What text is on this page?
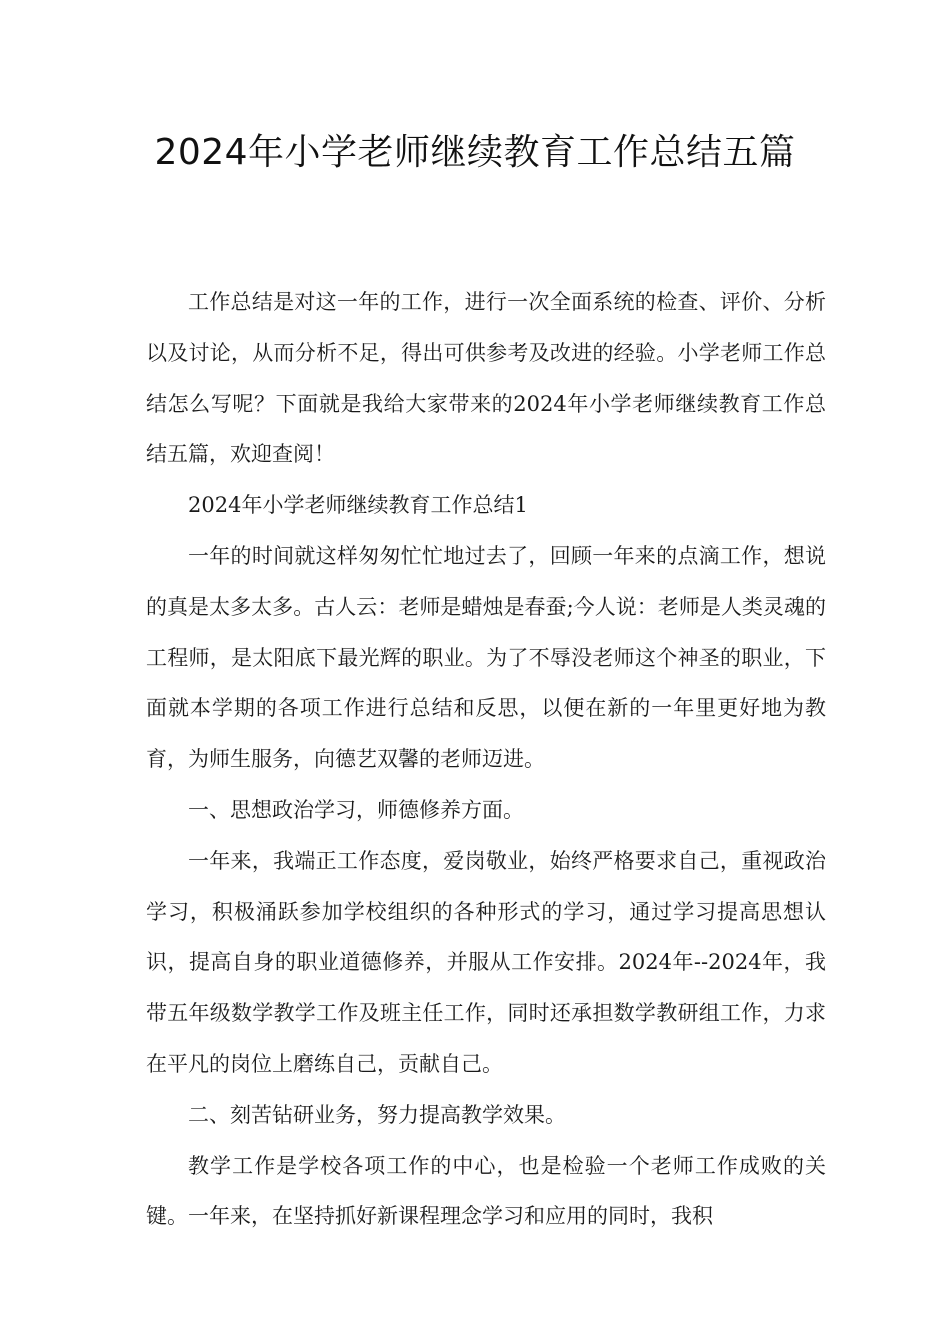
2024年小学老师继续教育工作总结五篇

工作总结是对这一年的工作，进行一次全面系统的检查、评价、分析以及讨论，从而分析不足，得出可供参考及改进的经验。小学老师工作总结怎么写呢？下面就是我给大家带来的2024年小学老师继续教育工作总结五篇，欢迎查阅！

2024年小学老师继续教育工作总结1

一年的时间就这样匆匆忙忙地过去了，回顾一年来的点滴工作，想说的真是太多太多。古人云：老师是蜡烛是春蚕;今人说：老师是人类灵魂的工程师，是太阳底下最光辉的职业。为了不辱没老师这个神圣的职业，下面就本学期的各项工作进行总结和反思，以便在新的一年里更好地为教育，为师生服务，向德艺双馨的老师迈进。

一、思想政治学习，师德修养方面。

一年来，我端正工作态度，爱岗敬业，始终严格要求自己，重视政治学习，积极涌跃参加学校组织的各种形式的学习，通过学习提高思想认识，提高自身的职业道德修养，并服从工作安排。2024年--2024年，我带五年级数学教学工作及班主任工作，同时还承担数学教研组工作，力求在平凡的岗位上磨练自己，贡献自己。

二、刻苦钻研业务，努力提高教学效果。

教学工作是学校各项工作的中心，也是检验一个老师工作成败的关键。一年来，在坚持抓好新课程理念学习和应用的同时，我积
